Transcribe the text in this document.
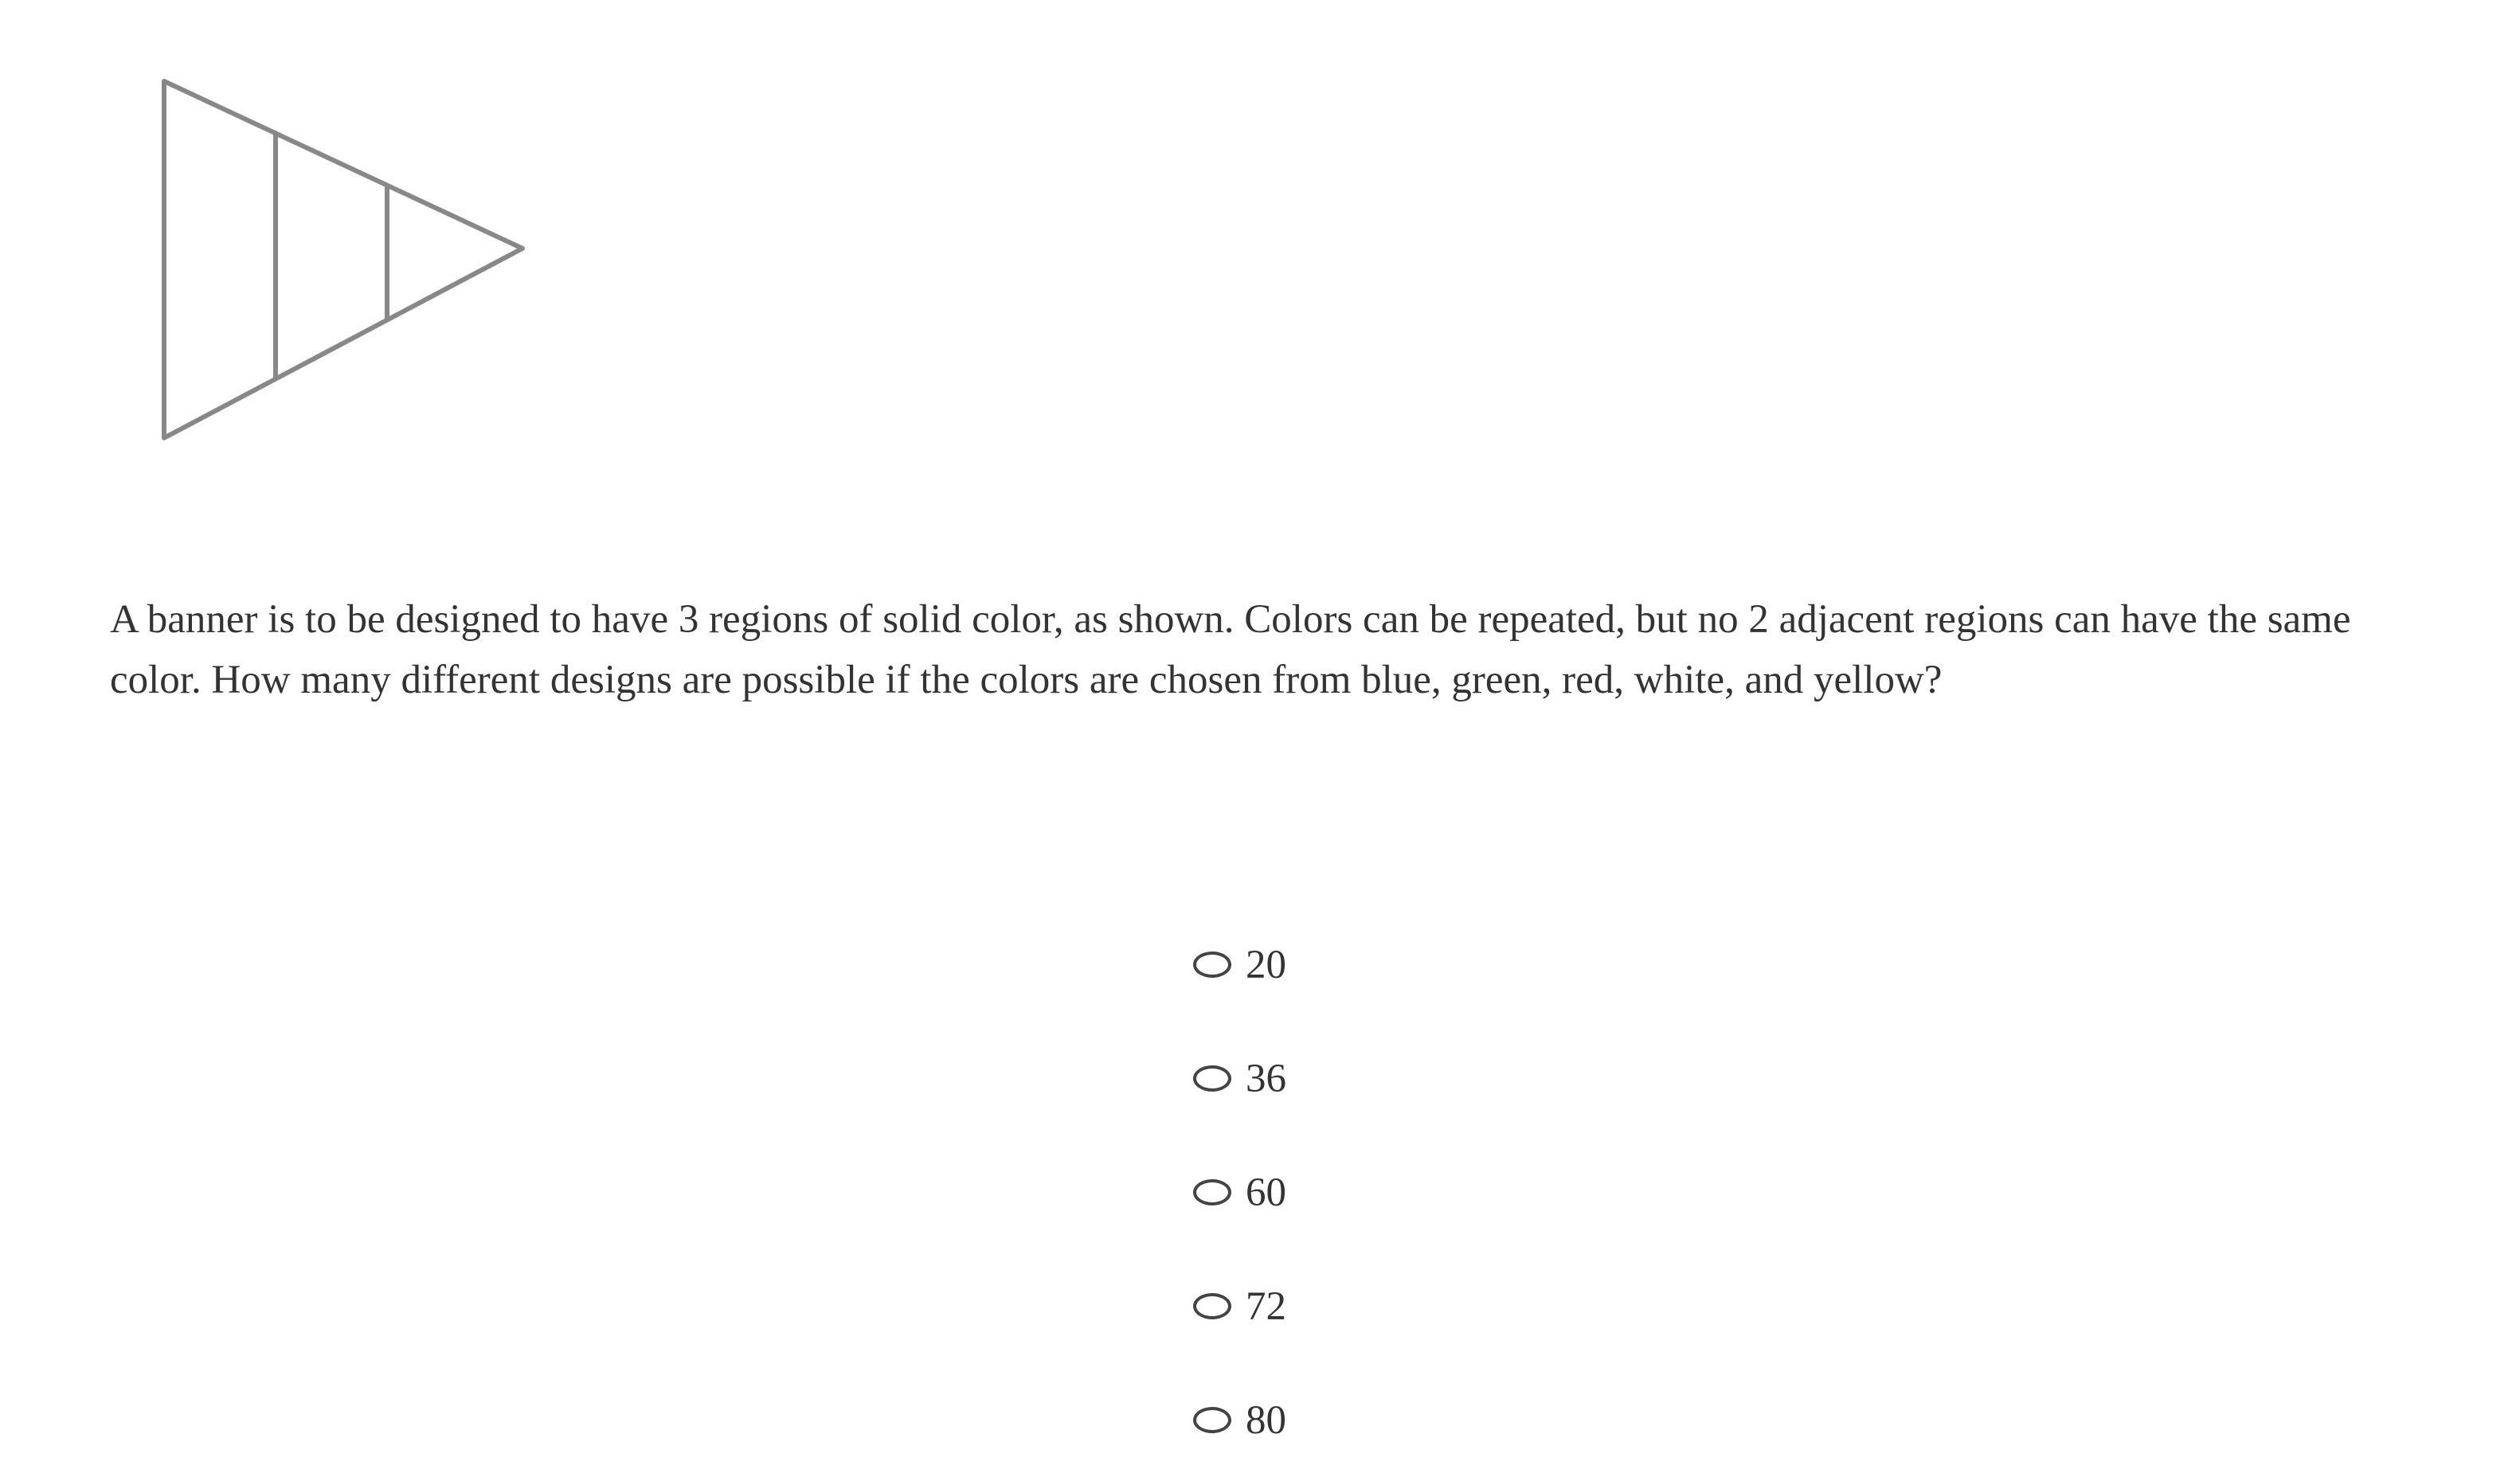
A banner is to be designed to have 3 regions of solid color, as shown. Colors can be repeated, but no 2 adjacent regions can have the same color. How many different designs are possible if the colors are chosen from blue, green, red, white, and yellow?

20
36
60
72
80
